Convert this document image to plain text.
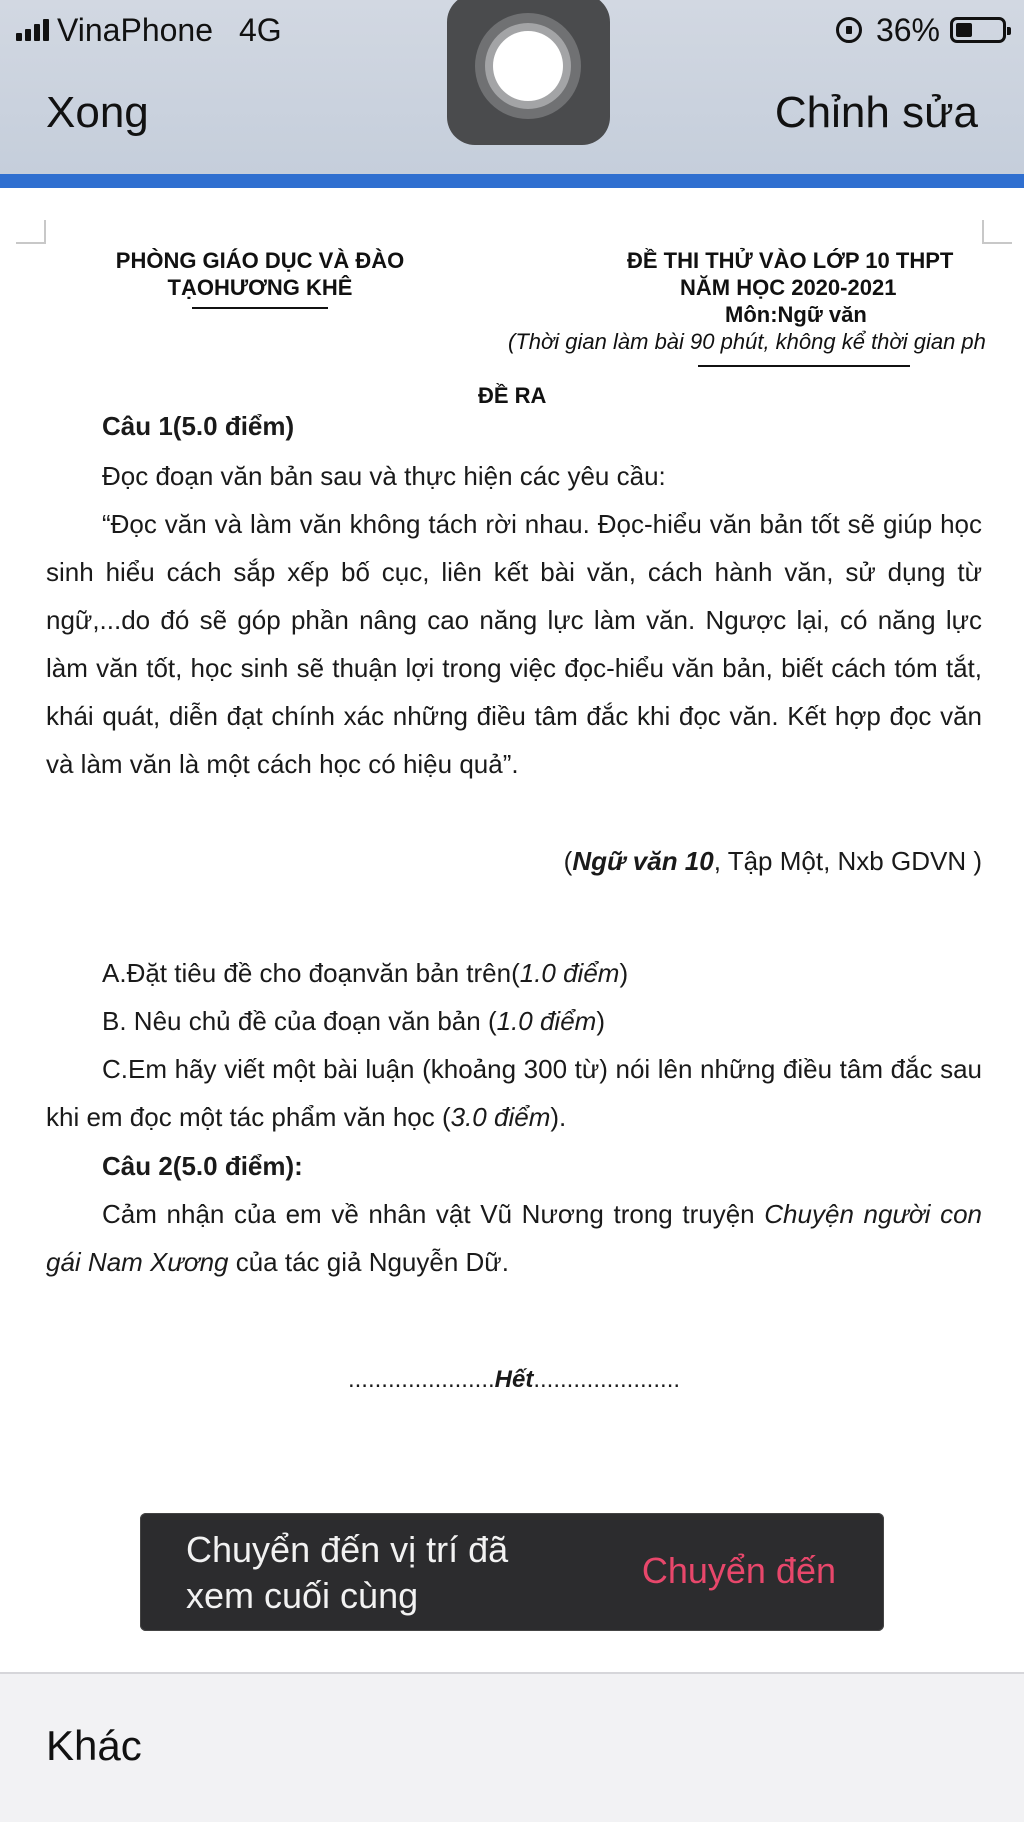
VinaPhone 4G	36%
Xong	Chỉnh sửa
PHÒNG GIÁO DỤC VÀ ĐÀO
TẠOHƯƠNG KHÊ
ĐỀ THI THỬ VÀO LỚP 10 THPT
NĂM HỌC 2020-2021
Môn:Ngữ văn
(Thời gian làm bài 90 phút, không kể thời gian ph
ĐỀ RA
Câu 1(5.0 điểm)
Đọc đoạn văn bản sau và thực hiện các yêu cầu:
“Đọc văn và làm văn không tách rời nhau. Đọc-hiểu văn bản tốt sẽ giúp học sinh hiểu cách sắp xếp bố cục, liên kết bài văn, cách hành văn, sử dụng từ ngữ,...do đó sẽ góp phần nâng cao năng lực làm văn. Ngược lại, có năng lực làm văn tốt, học sinh sẽ thuận lợi trong việc đọc-hiểu văn bản, biết cách tóm tắt, khái quát, diễn đạt chính xác những điều tâm đắc khi đọc văn. Kết hợp đọc văn và làm văn là một cách học có hiệu quả”.
(Ngữ văn 10, Tập Một, Nxb GDVN )
A.Đặt tiêu đề cho đoạnvăn bản trên(1.0 điểm)
B. Nêu chủ đề của đoạn văn bản (1.0 điểm)
C.Em hãy viết một bài luận (khoảng 300 từ) nói lên những điều tâm đắc sau khi em đọc một tác phẩm văn học (3.0 điểm).
Câu 2(5.0 điểm):
Cảm nhận của em về nhân vật Vũ Nương trong truyện Chuyện người con gái Nam Xương của tác giả Nguyễn Dữ.
......................Hết......................
Chuyển đến vị trí đã xem cuối cùng
Chuyển đến
Khác
